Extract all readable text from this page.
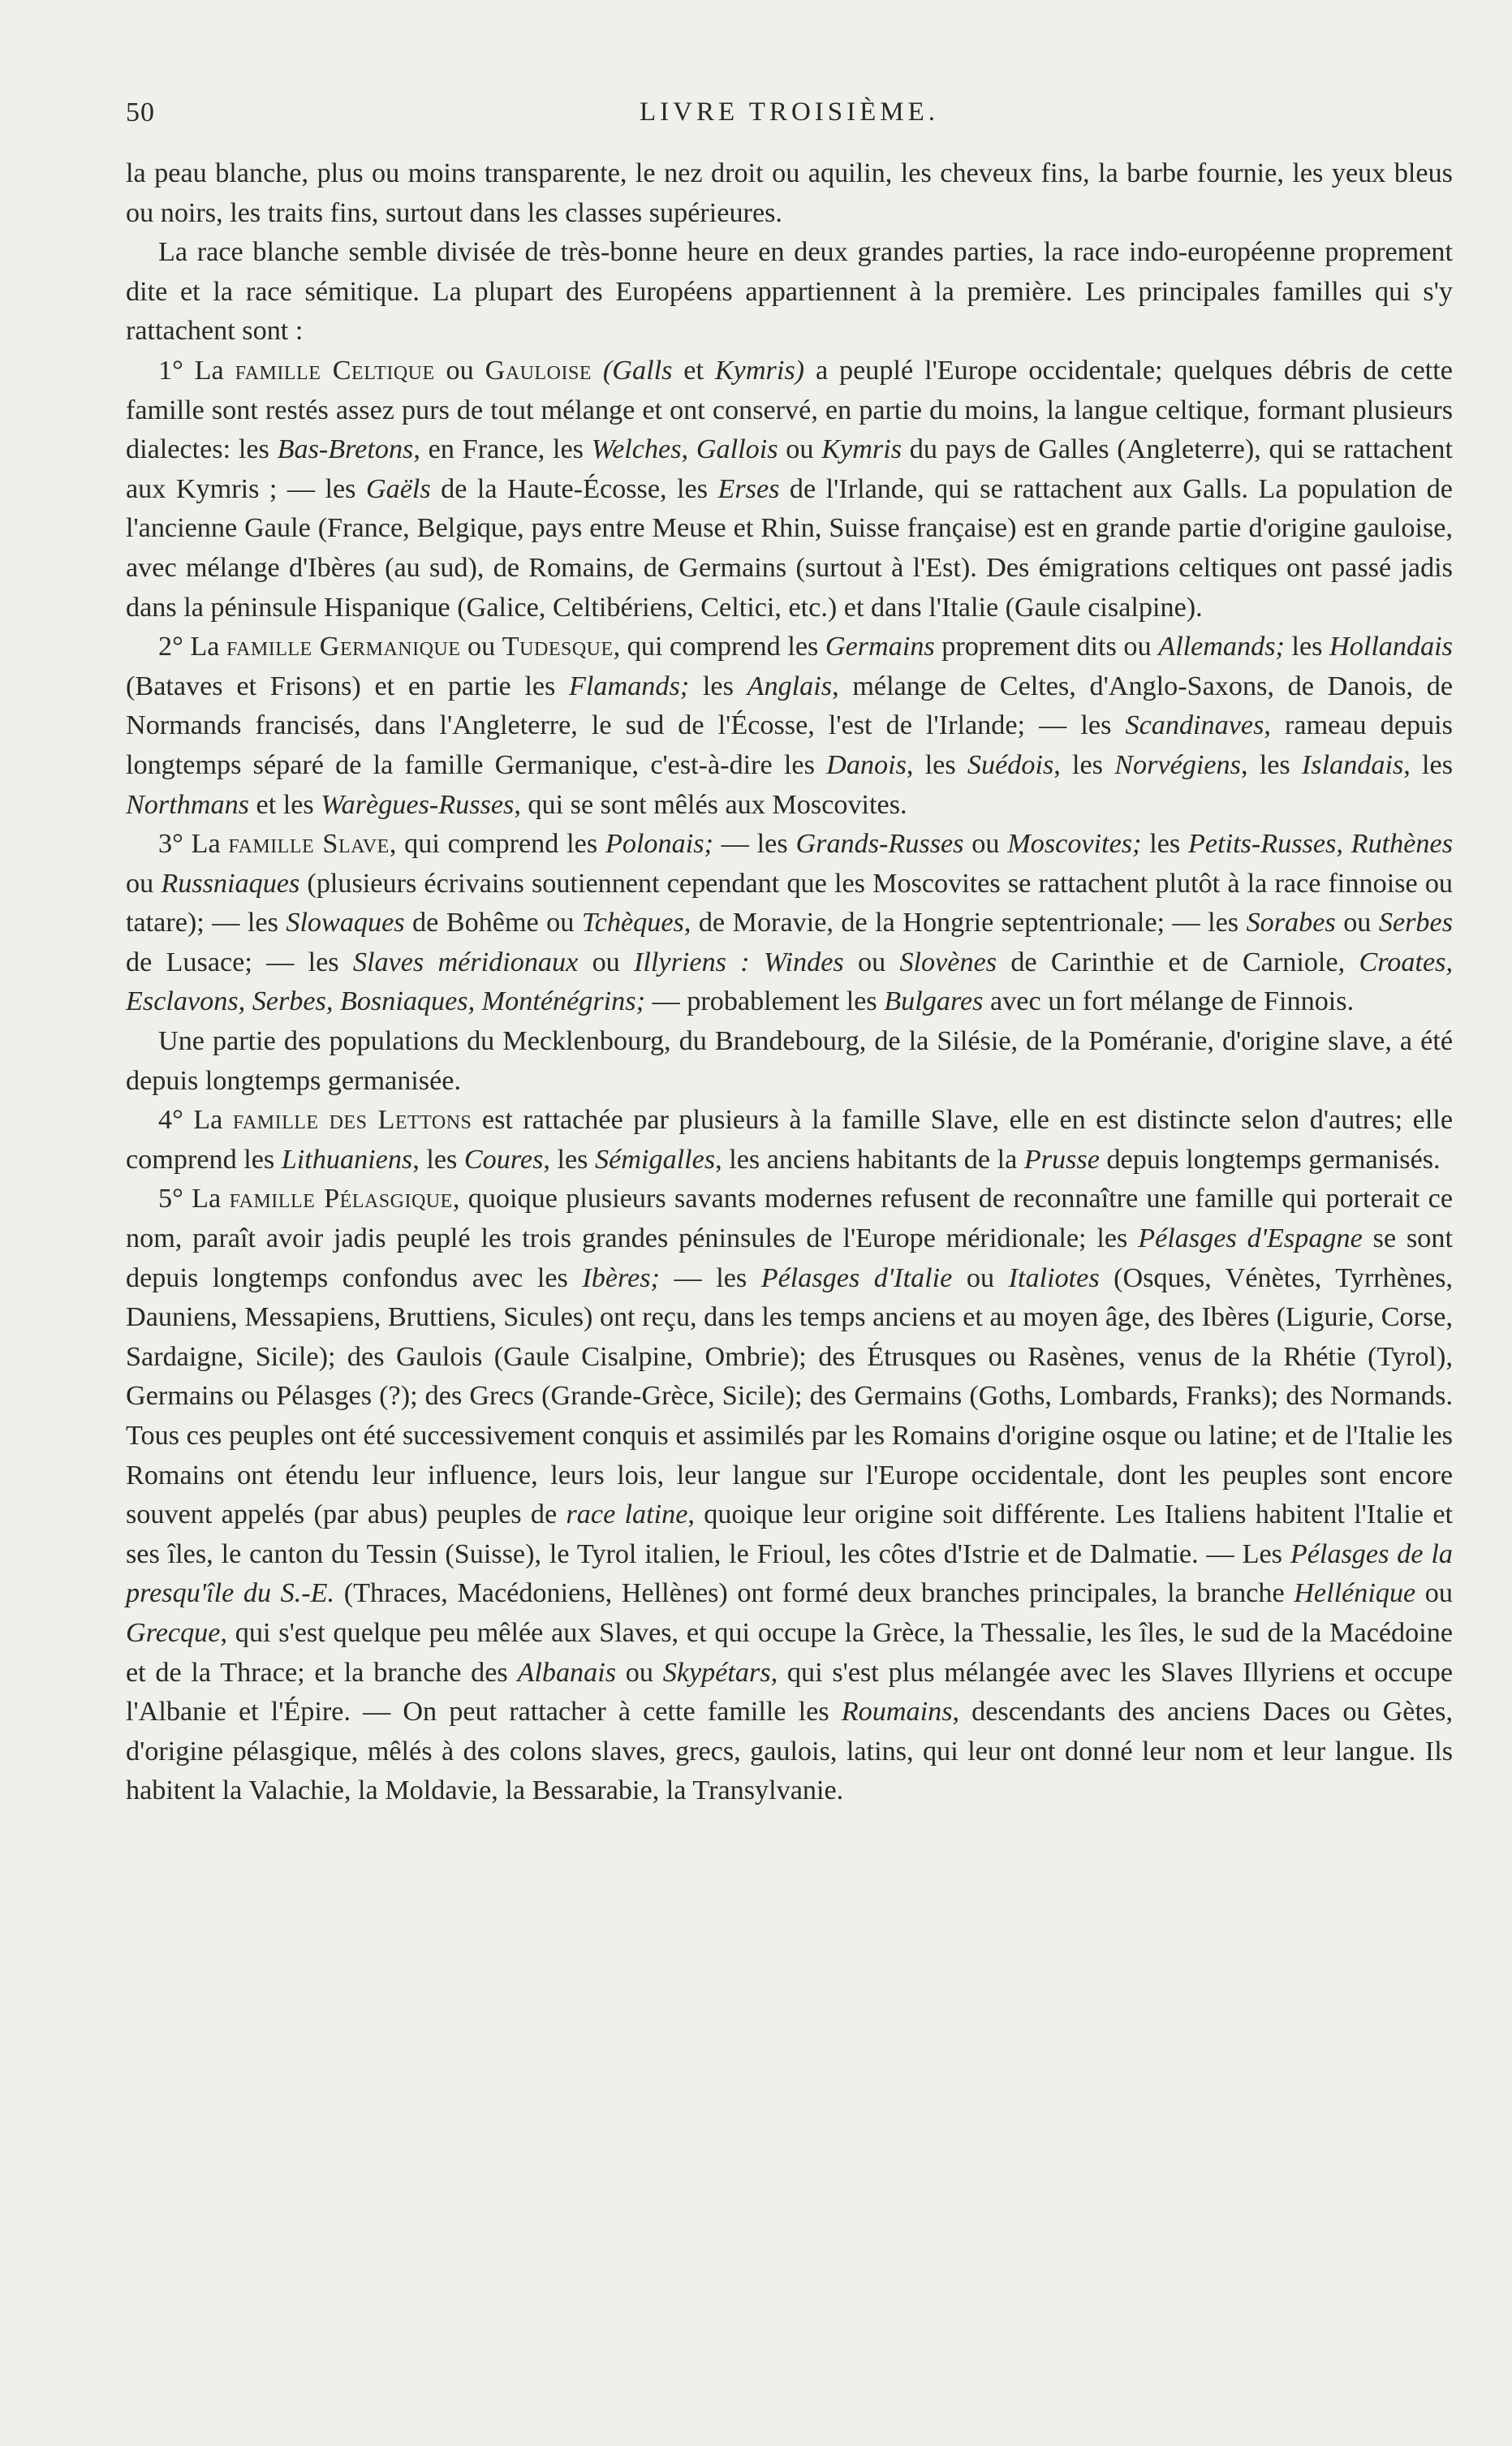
50	LIVRE TROISIÈME.

la peau blanche, plus ou moins transparente, le nez droit ou aquilin, les cheveux fins, la barbe fournie, les yeux bleus ou noirs, les traits fins, surtout dans les classes supérieures.

La race blanche semble divisée de très-bonne heure en deux grandes parties, la race indo-européenne proprement dite et la race sémitique. La plupart des Européens appartiennent à la première. Les principales familles qui s'y rattachent sont :

1° La famille Celtique ou Gauloise (Galls et Kymris) a peuplé l'Europe occidentale; quelques débris de cette famille sont restés assez purs de tout mélange et ont conservé, en partie du moins, la langue celtique, formant plusieurs dialectes: les Bas-Bretons, en France, les Welches, Gallois ou Kymris du pays de Galles (Angleterre), qui se rattachent aux Kymris ; — les Gaëls de la Haute-Écosse, les Erses de l'Irlande, qui se rattachent aux Galls. La population de l'ancienne Gaule (France, Belgique, pays entre Meuse et Rhin, Suisse française) est en grande partie d'origine gauloise, avec mélange d'Ibères (au sud), de Romains, de Germains (surtout à l'Est). Des émigrations celtiques ont passé jadis dans la péninsule Hispanique (Galice, Celtibériens, Celtici, etc.) et dans l'Italie (Gaule cisalpine).

2° La famille Germanique ou Tudesque, qui comprend les Germains proprement dits ou Allemands; les Hollandais (Bataves et Frisons) et en partie les Flamands; les Anglais, mélange de Celtes, d'Anglo-Saxons, de Danois, de Normands francisés, dans l'Angleterre, le sud de l'Écosse, l'est de l'Irlande; — les Scandinaves, rameau depuis longtemps séparé de la famille Germanique, c'est-à-dire les Danois, les Suédois, les Norvégiens, les Islandais, les Northmans et les Warègues-Russes, qui se sont mêlés aux Moscovites.

3° La famille Slave, qui comprend les Polonais; — les Grands-Russes ou Moscovites; les Petits-Russes, Ruthènes ou Russniaques (plusieurs écrivains soutiennent cependant que les Moscovites se rattachent plutôt à la race finnoise ou tatare); — les Slowaques de Bohême ou Tchèques, de Moravie, de la Hongrie septentrionale; — les Sorabes ou Serbes de Lusace; — les Slaves méridionaux ou Illyriens : Windes ou Slovènes de Carinthie et de Carniole, Croates, Esclavons, Serbes, Bosniaques, Monténégrins; — probablement les Bulgares avec un fort mélange de Finnois.

Une partie des populations du Mecklenbourg, du Brandebourg, de la Silésie, de la Poméranie, d'origine slave, a été depuis longtemps germanisée.

4° La famille des Lettons est rattachée par plusieurs à la famille Slave, elle en est distincte selon d'autres; elle comprend les Lithuaniens, les Coures, les Sémigalles, les anciens habitants de la Prusse depuis longtemps germanisés.

5° La famille Pélasgique, quoique plusieurs savants modernes refusent de reconnaître une famille qui porterait ce nom, paraît avoir jadis peuplé les trois grandes péninsules de l'Europe méridionale; les Pélasges d'Espagne se sont depuis longtemps confondus avec les Ibères; — les Pélasges d'Italie ou Italiotes (Osques, Vénètes, Tyrrhènes, Dauniens, Messapiens, Bruttiens, Sicules) ont reçu, dans les temps anciens et au moyen âge, des Ibères (Ligurie, Corse, Sardaigne, Sicile); des Gaulois (Gaule Cisalpine, Ombrie); des Étrusques ou Rasènes, venus de la Rhétie (Tyrol), Germains ou Pélasges (?); des Grecs (Grande-Grèce, Sicile); des Germains (Goths, Lombards, Franks); des Normands. Tous ces peuples ont été successivement conquis et assimilés par les Romains d'origine osque ou latine; et de l'Italie les Romains ont étendu leur influence, leurs lois, leur langue sur l'Europe occidentale, dont les peuples sont encore souvent appelés (par abus) peuples de race latine, quoique leur origine soit différente. Les Italiens habitent l'Italie et ses îles, le canton du Tessin (Suisse), le Tyrol italien, le Frioul, les côtes d'Istrie et de Dalmatie. — Les Pélasges de la presqu'île du S.-E. (Thraces, Macédoniens, Hellènes) ont formé deux branches principales, la branche Hellénique ou Grecque, qui s'est quelque peu mêlée aux Slaves, et qui occupe la Grèce, la Thessalie, les îles, le sud de la Macédoine et de la Thrace; et la branche des Albanais ou Skypétars, qui s'est plus mélangée avec les Slaves Illyriens et occupe l'Albanie et l'Épire. — On peut rattacher à cette famille les Roumains, descendants des anciens Daces ou Gètes, d'origine pélasgique, mêlés à des colons slaves, grecs, gaulois, latins, qui leur ont donné leur nom et leur langue. Ils habitent la Valachie, la Moldavie, la Bessarabie, la Transylvanie.
